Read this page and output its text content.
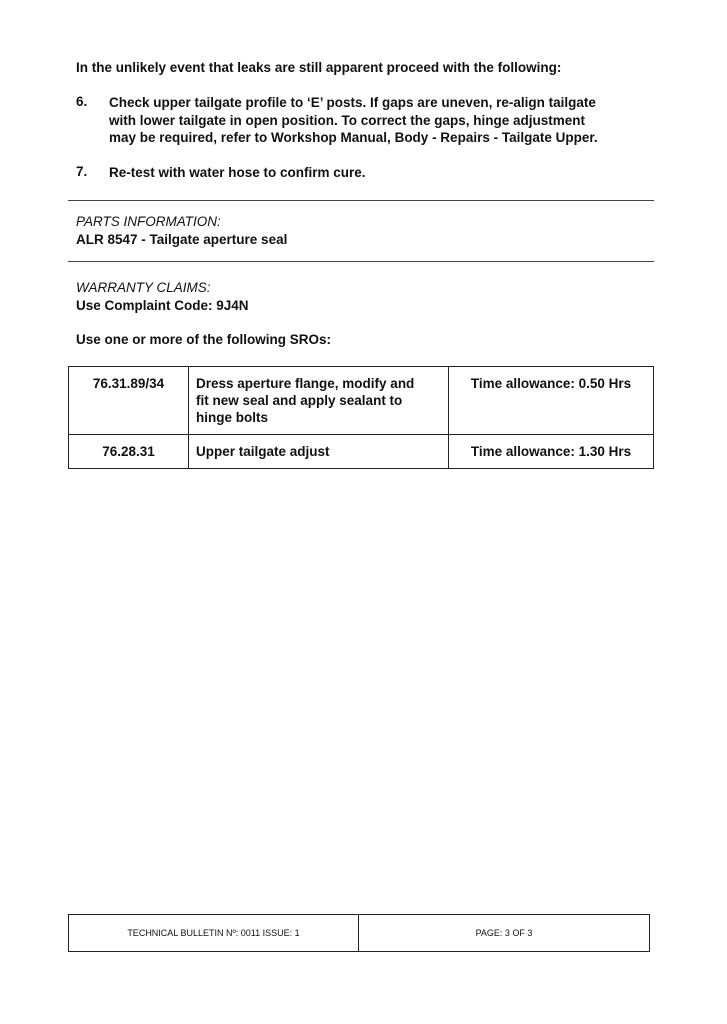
In the unlikely event that leaks are still apparent proceed with the following:
6.	Check upper tailgate profile to ‘E’ posts. If gaps are uneven, re-align tailgate
with lower tailgate in open position. To correct the gaps, hinge adjustment
may be required, refer to Workshop Manual, Body - Repairs - Tailgate Upper.
7.	Re-test with water hose to confirm cure.
PARTS INFORMATION:
ALR 8547 - Tailgate aperture seal
WARRANTY CLAIMS:
Use Complaint Code: 9J4N
Use one or more of the following SROs:
76.31.89/34	Dress aperture flange, modify and
fit new seal and apply sealant to
hinge bolts	Time allowance: 0.50 Hrs
76.28.31	Upper tailgate adjust	Time allowance: 1.30 Hrs
TECHNICAL BULLETIN Nº: 0011 ISSUE: 1	PAGE: 3 OF 3
